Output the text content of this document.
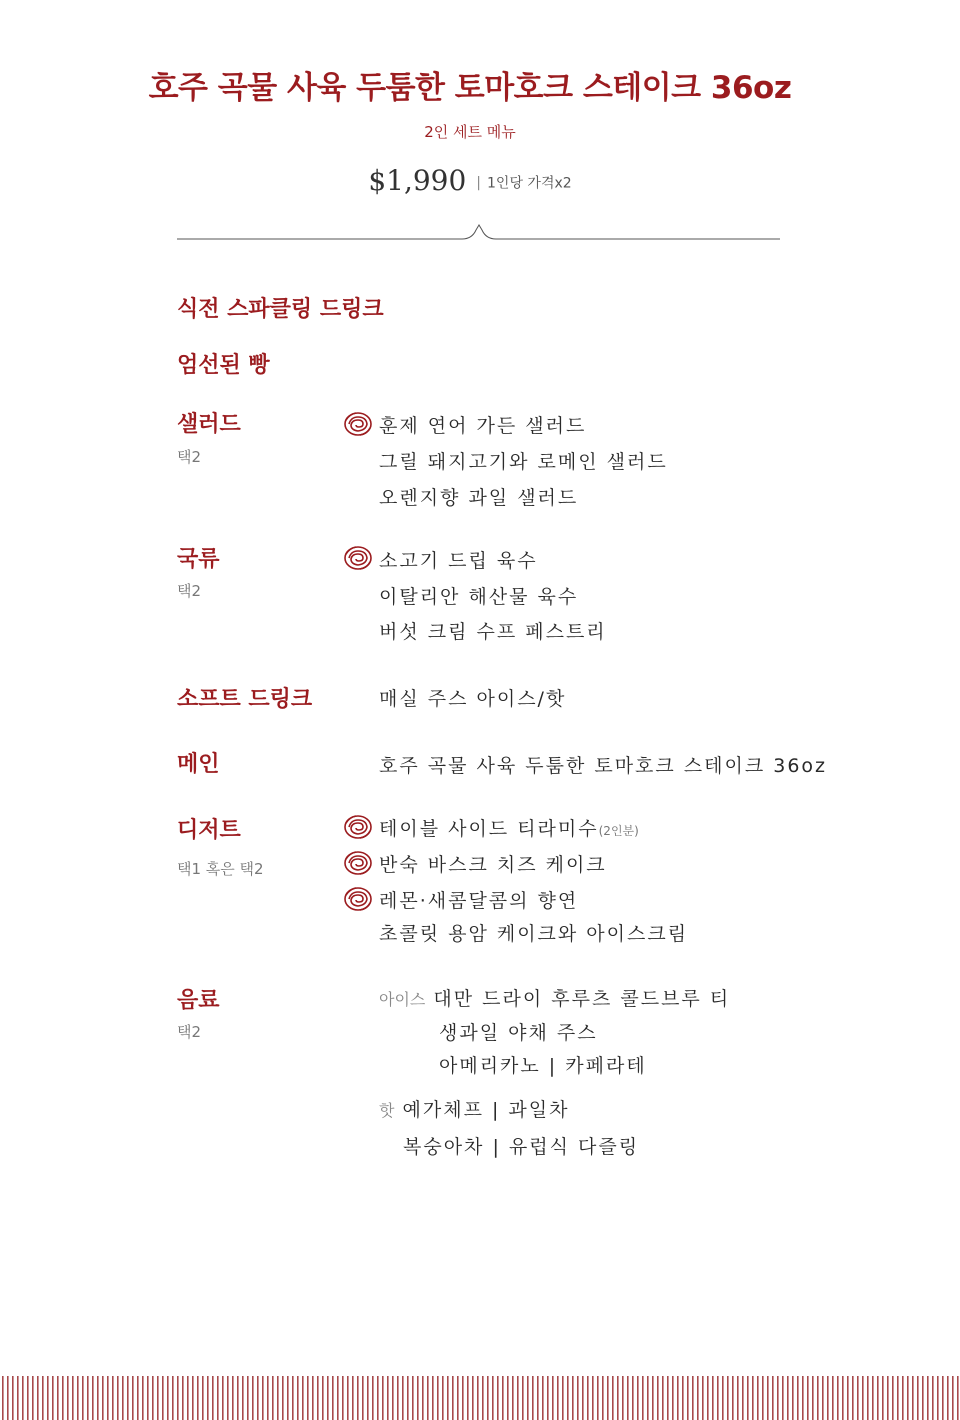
호주 곡물 사육 두툼한 토마호크 스테이크 36oz
2인 세트 메뉴
$1,990 | 1인당 가격x2
식전 스파클링 드링크
엄선된 빵
샐러드
택2
훈제 연어 가든 샐러드
그릴 돼지고기와 로메인 샐러드
오렌지향 과일 샐러드
국류
택2
소고기 드립 육수
이탈리안 해산물 육수
버섯 크림 수프 페스트리
소프트 드링크	매실 주스 아이스/핫
메인	호주 곡물 사육 두툼한 토마호크 스테이크 36oz
디저트
택1 혹은 택2
테이블 사이드 티라미수(2인분)
반숙 바스크 치즈 케이크
레몬·새콤달콤의 향연
초콜릿 용암 케이크와 아이스크림
음료
택2
아이스 대만 드라이 후루츠 콜드브루 티
생과일 야채 주스
아메리카노 | 카페라테
핫 예가체프 | 과일차
복숭아차 | 유럽식 다즐링
